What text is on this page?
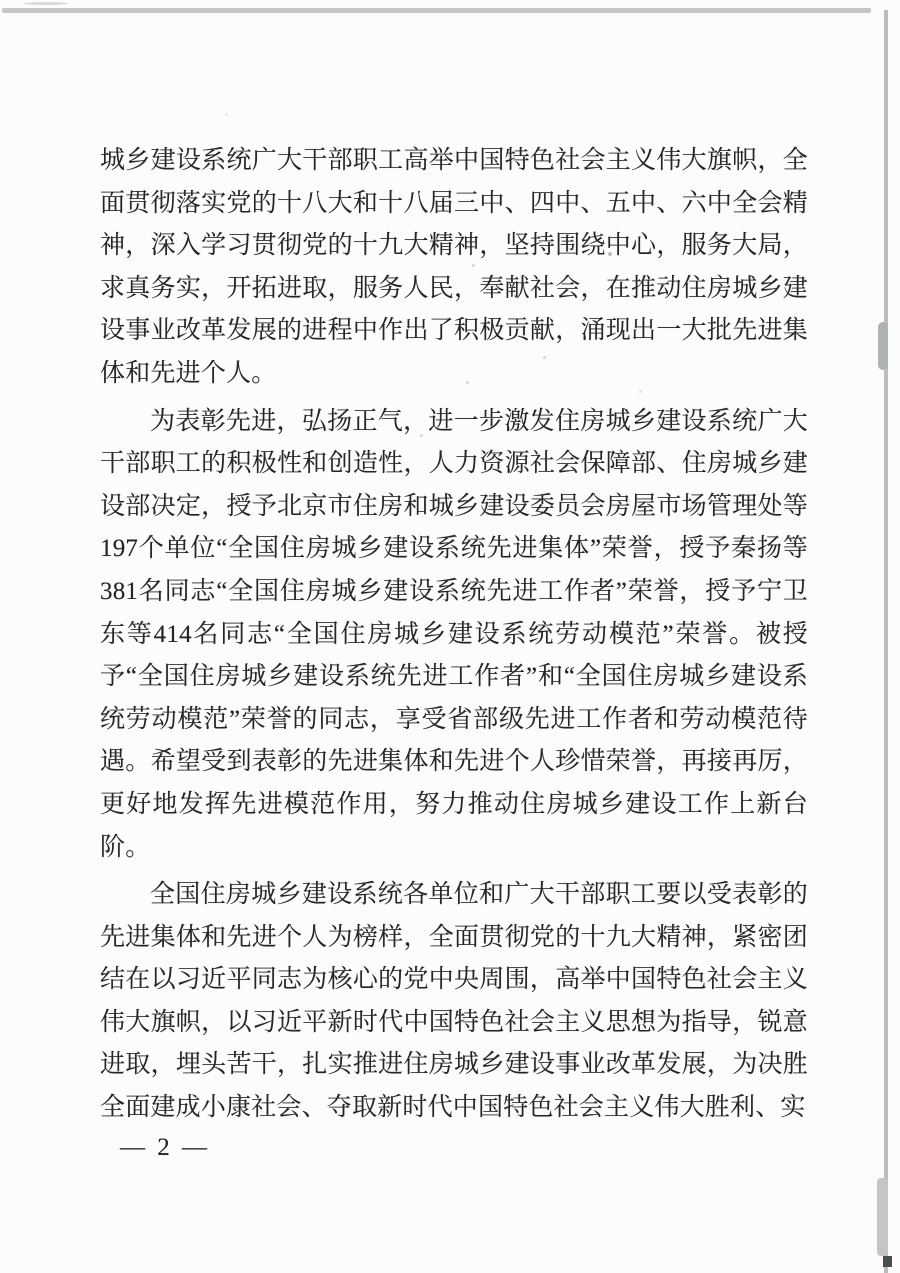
城乡建设系统广大干部职工高举中国特色社会主义伟大旗帜，全面贯彻落实党的十八大和十八届三中、四中、五中、六中全会精神，深入学习贯彻党的十九大精神，坚持围绕中心，服务大局，求真务实，开拓进取，服务人民，奉献社会，在推动住房城乡建设事业改革发展的进程中作出了积极贡献，涌现出一大批先进集体和先进个人。

为表彰先进，弘扬正气，进一步激发住房城乡建设系统广大干部职工的积极性和创造性，人力资源社会保障部、住房城乡建设部决定，授予北京市住房和城乡建设委员会房屋市场管理处等197个单位“全国住房城乡建设系统先进集体”荣誉，授予秦扬等381名同志“全国住房城乡建设系统先进工作者”荣誉，授予宁卫东等414名同志“全国住房城乡建设系统劳动模范”荣誉。被授予“全国住房城乡建设系统先进工作者”和“全国住房城乡建设系统劳动模范”荣誉的同志，享受省部级先进工作者和劳动模范待遇。希望受到表彰的先进集体和先进个人珍惜荣誉，再接再厉，更好地发挥先进模范作用，努力推动住房城乡建设工作上新台阶。

全国住房城乡建设系统各单位和广大干部职工要以受表彰的先进集体和先进个人为榜样，全面贯彻党的十九大精神，紧密团结在以习近平同志为核心的党中央周围，高举中国特色社会主义伟大旗帜，以习近平新时代中国特色社会主义思想为指导，锐意进取，埋头苦干，扎实推进住房城乡建设事业改革发展，为决胜全面建成小康社会、夺取新时代中国特色社会主义伟大胜利、实

— 2 —
